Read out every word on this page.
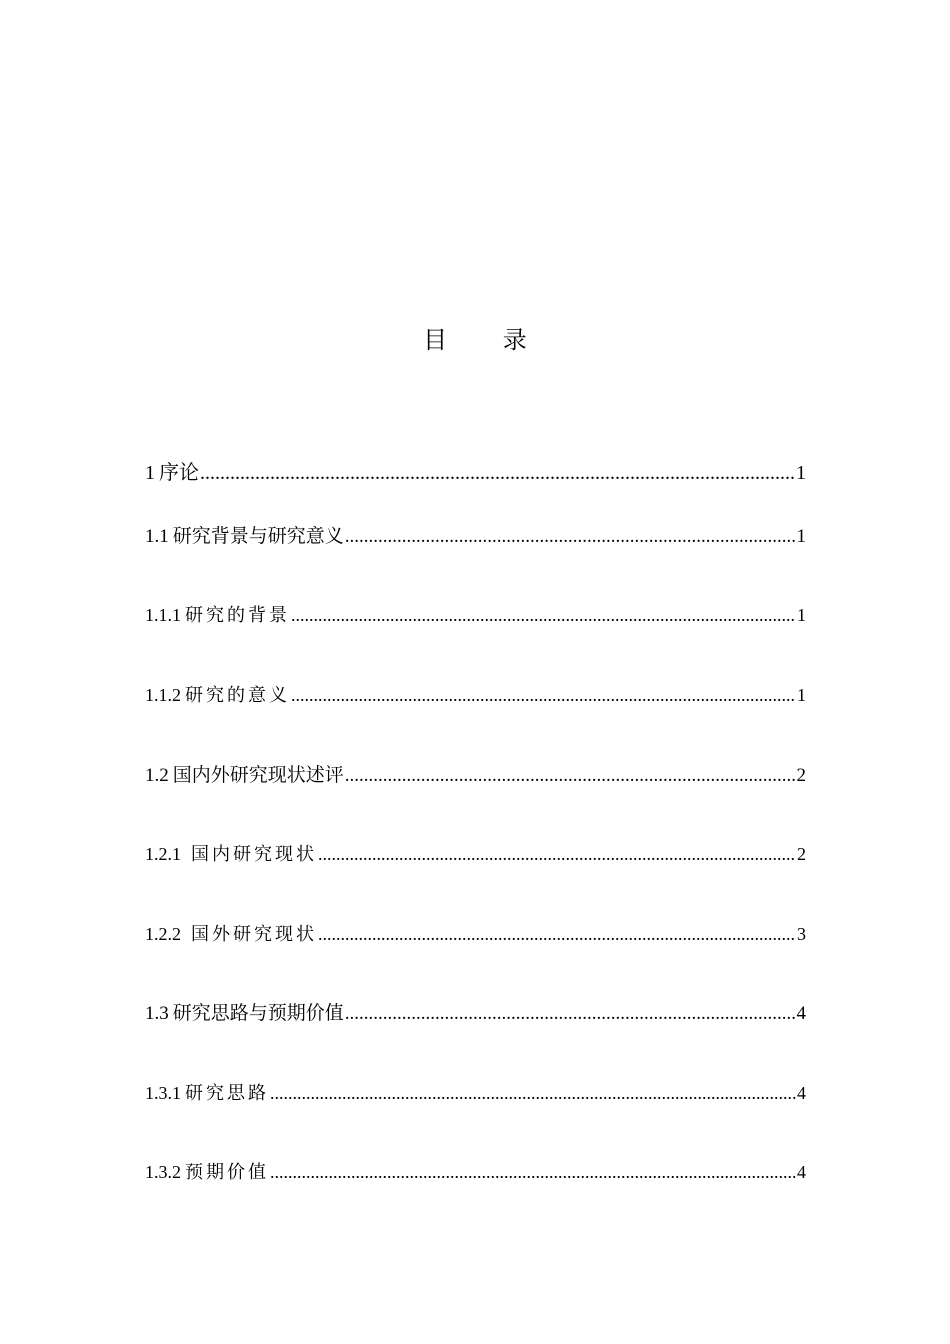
目 录
1 序论 .....	1
1.1 研究背景与研究意义 .....	1
1.1.1 研究的背景 .....	1
1.1.2 研究的意义 .....	1
1.2 国内外研究现状述评 .....	2
1.2.1 国内研究现状 .....	2
1.2.2 国外研究现状 .....	3
1.3 研究思路与预期价值 .....	4
1.3.1 研究思路 .....	4
1.3.2 预期价值 .....	4
